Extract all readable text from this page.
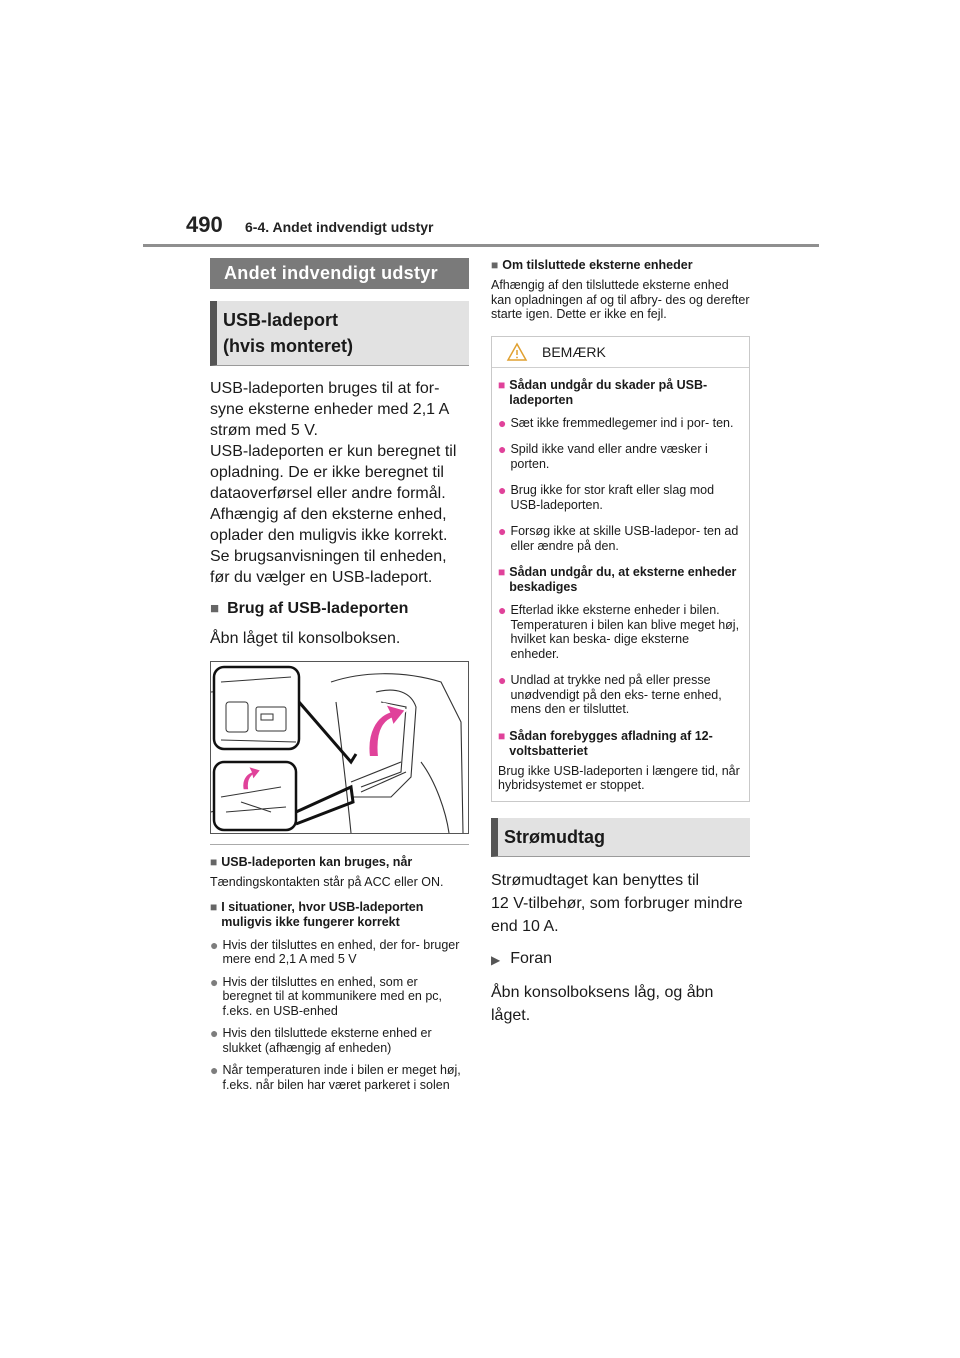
490 6-4. Andet indvendigt udstyr
Andet indvendigt udstyr
USB-ladeport
(hvis monteret)
USB-ladeporten bruges til at for-
syne eksterne enheder med 2,1 A
strøm med 5 V.
USB-ladeporten er kun beregnet til
opladning. De er ikke beregnet til
dataoverførsel eller andre formål.
Afhængig af den eksterne enhed,
oplader den muligvis ikke korrekt.
Se brugsanvisningen til enheden,
før du vælger en USB-ladeport.
■ Brug af USB-ladeporten
Åbn låget til konsolboksen.
■ USB-ladeporten kan bruges, når
Tændingskontakten står på ACC eller ON.
■ I situationer, hvor USB-ladeporten muligvis ikke fungerer korrekt
● Hvis der tilsluttes en enhed, der for- bruger mere end 2,1 A med 5 V
● Hvis der tilsluttes en enhed, som er beregnet til at kommunikere med en pc, f.eks. en USB-enhed
● Hvis den tilsluttede eksterne enhed er slukket (afhængig af enheden)
● Når temperaturen inde i bilen er meget høj, f.eks. når bilen har været parkeret i solen
■ Om tilsluttede eksterne enheder
Afhængig af den tilsluttede eksterne enhed kan opladningen af og til afbry- des og derefter starte igen. Dette er ikke en fejl.
BEMÆRK
■ Sådan undgår du skader på USB-ladeporten
● Sæt ikke fremmedlegemer ind i por- ten.
● Spild ikke vand eller andre væsker i porten.
● Brug ikke for stor kraft eller slag mod USB-ladeporten.
● Forsøg ikke at skille USB-ladepor- ten ad eller ændre på den.
■ Sådan undgår du, at eksterne enheder beskadiges
● Efterlad ikke eksterne enheder i bilen. Temperaturen i bilen kan blive meget høj, hvilket kan beska- dige eksterne enheder.
● Undlad at trykke ned på eller presse unødvendigt på den eks- terne enhed, mens den er tilsluttet.
■ Sådan forebygges afladning af 12-voltsbatteriet
Brug ikke USB-ladeporten i længere tid, når hybridsystemet er stoppet.
Strømudtag
Strømudtaget kan benyttes til
12 V-tilbehør, som forbruger mindre
end 10 A.
▶ Foran
Åbn konsolboksens låg, og åbn
låget.
